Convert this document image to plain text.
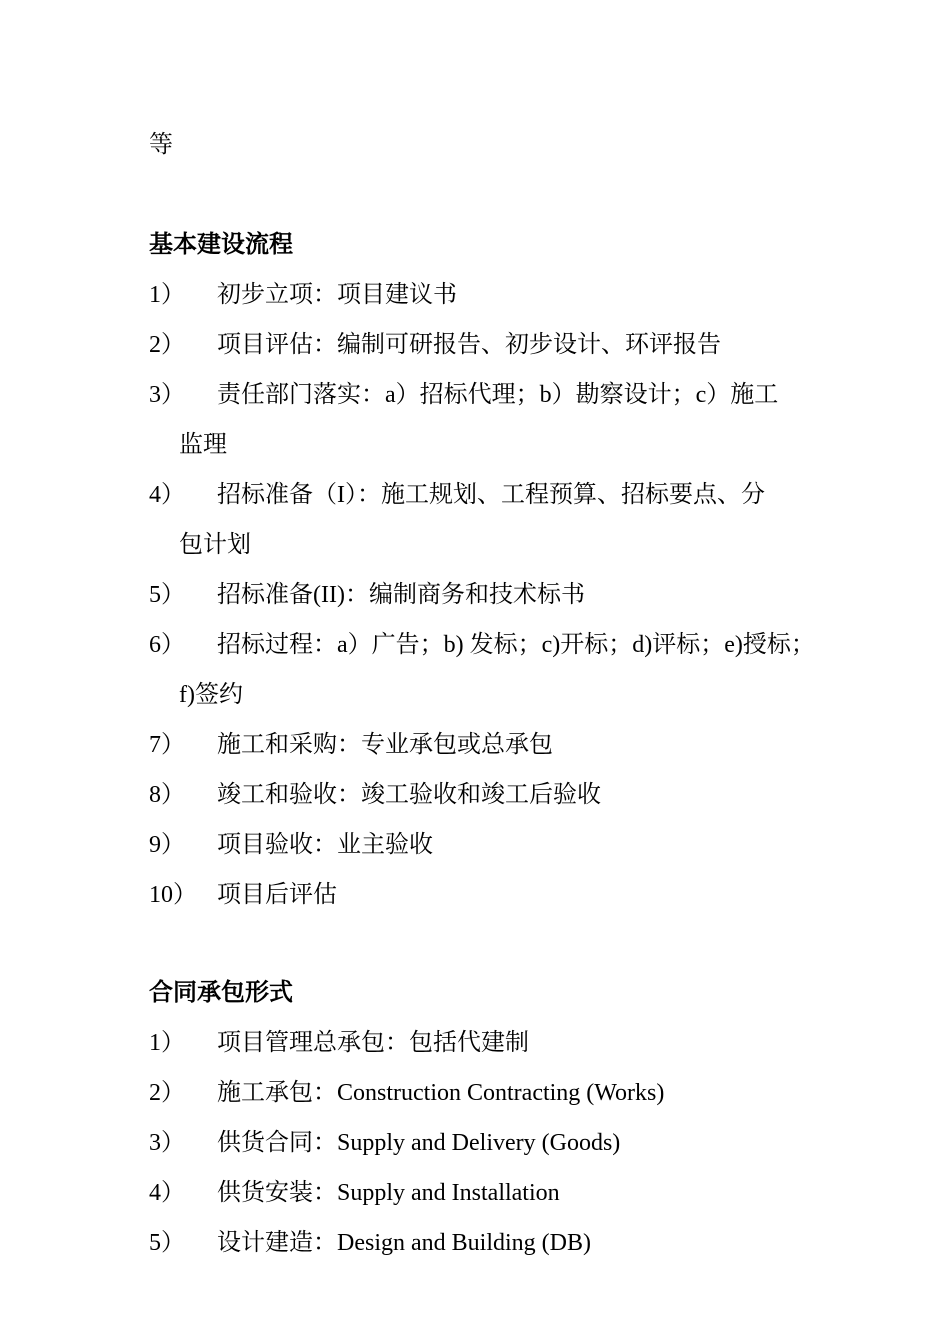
等
基本建设流程
1） 初步立项：项目建议书
2） 项目评估：编制可研报告、初步设计、环评报告
3） 责任部门落实：a）招标代理；b）勘察设计；c）施工
监理
4） 招标准备（I）：施工规划、工程预算、招标要点、分
包计划
5） 招标准备(II)：编制商务和技术标书
6） 招标过程：a）广告；b) 发标；c)开标；d)评标；e)授标；
f)签约
7） 施工和采购：专业承包或总承包
8） 竣工和验收：竣工验收和竣工后验收
9） 项目验收：业主验收
10） 项目后评估
合同承包形式
1） 项目管理总承包：包括代建制
2） 施工承包：Construction Contracting (Works)
3） 供货合同：Supply and Delivery (Goods)
4） 供货安装：Supply and Installation
5） 设计建造：Design and Building (DB)
